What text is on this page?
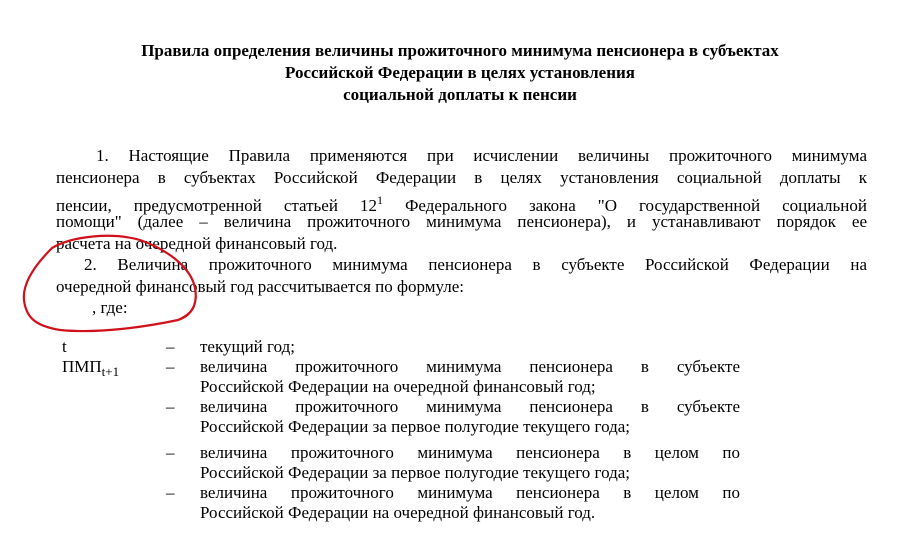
Правила определения величины прожиточного минимума пенсионера в субъектах
Российской Федерации в целях установления
социальной доплаты к пенсии
1. Настоящие Правила применяются при исчислении величины прожиточного минимума
пенсионера в субъектах Российской Федерации в целях установления социальной доплаты к
пенсии, предусмотренной статьей $12^1$ Федерального закона "О государственной социальной
помощи" (далее – величина прожиточного минимума пенсионера), и устанавливают порядок ее
расчета на очередной финансовый год.
2. Величина прожиточного минимума пенсионера в субъекте Российской Федерации на
очередной финансовый год рассчитывается по формуле:
, где:
t	– текущий год;
$ПМП_{t+1}$	– величина прожиточного минимума пенсионера в субъекте
Российской Федерации на очередной финансовый год;
– величина прожиточного минимума пенсионера в субъекте
Российской Федерации за первое полугодие текущего года;
– величина прожиточного минимума пенсионера в целом по
Российской Федерации за первое полугодие текущего года;
– величина прожиточного минимума пенсионера в целом по
Российской Федерации на очередной финансовый год.
